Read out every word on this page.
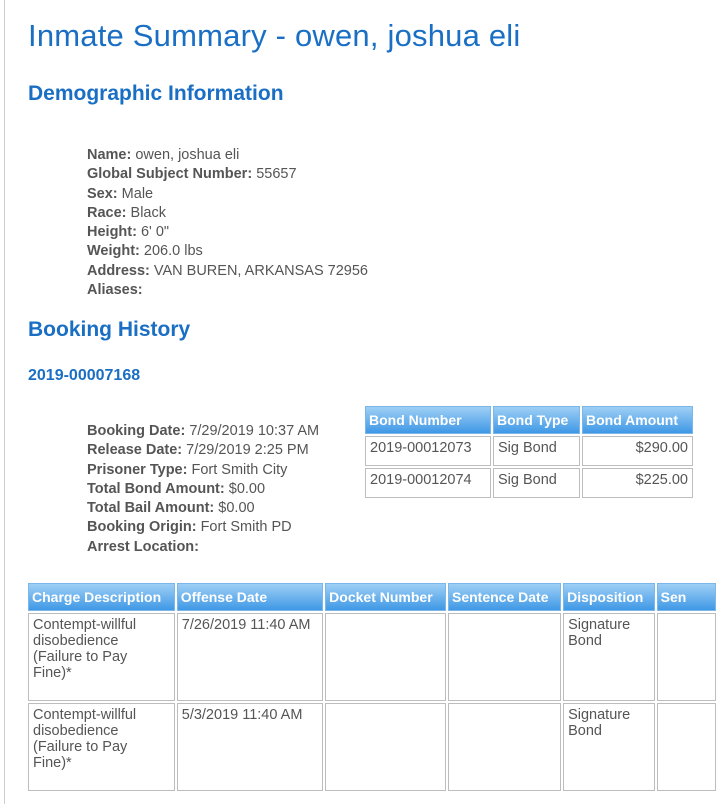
Inmate Summary - owen, joshua eli
Demographic Information
Name: owen, joshua eli
Global Subject Number: 55657
Sex: Male
Race: Black
Height: 6' 0"
Weight: 206.0 lbs
Address: VAN BUREN, ARKANSAS 72956
Aliases:
Booking History
2019-00007168
Booking Date: 7/29/2019 10:37 AM
Release Date: 7/29/2019 2:25 PM
Prisoner Type: Fort Smith City
Total Bond Amount: $0.00
Total Bail Amount: $0.00
Booking Origin: Fort Smith PD
Arrest Location:
Bond Number	Bond Type	Bond Amount
2019-00012073	Sig Bond	$290.00
2019-00012074	Sig Bond	$225.00
Charge Description	Offense Date	Docket Number	Sentence Date	Disposition	Sen
Contempt-willful disobedience (Failure to Pay Fine)*	7/26/2019 11:40 AM			Signature Bond	
Contempt-willful disobedience (Failure to Pay Fine)*	5/3/2019 11:40 AM			Signature Bond	
